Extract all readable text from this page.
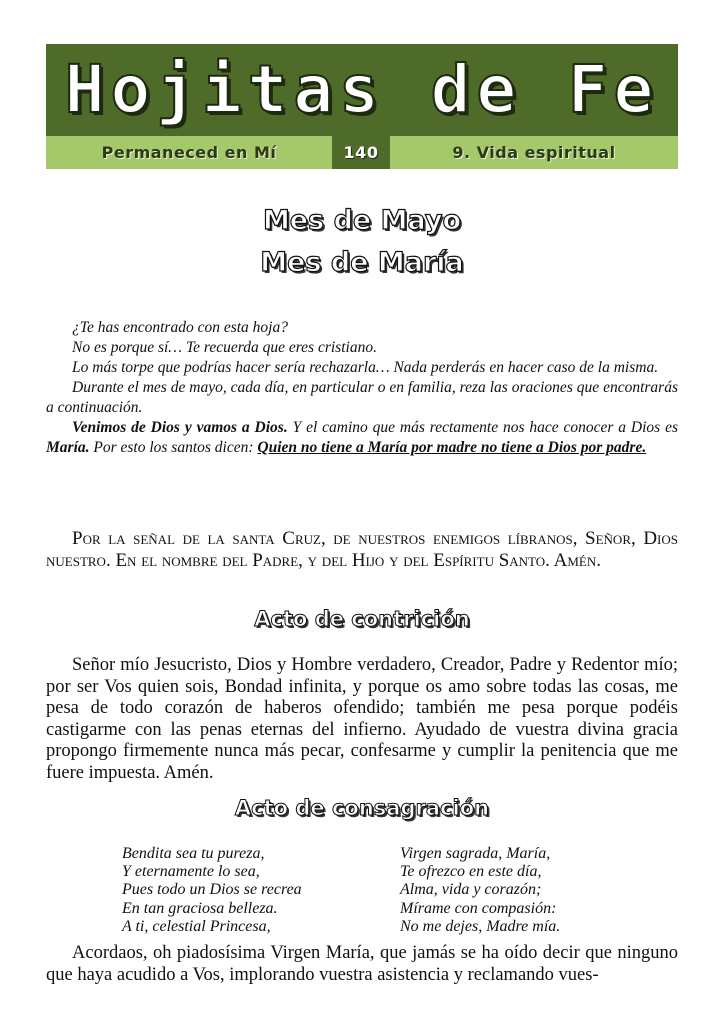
Hojitas de Fe
Permaneced en Mí	140	9. Vida espiritual
Mes de Mayo
Mes de María

¿Te has encontrado con esta hoja?

No es porque sí… Te recuerda que eres cristiano.

Lo más torpe que podrías hacer sería rechazarla… Nada perderás en hacer caso de la misma.

Durante el mes de mayo, cada día, en particular o en familia, reza las oraciones que encontrarás a continuación.

Venimos de Dios y vamos a Dios. Y el camino que más rectamente nos hace conocer a Dios es María. Por esto los santos dicen: Quien no tiene a María por madre no tiene a Dios por padre.

Por la señal de la santa Cruz, de nuestros enemigos líbranos, Señor, Dios nuestro. En el nombre del Padre, y del Hijo y del Espíritu Santo. Amén.

Acto de contrición

Señor mío Jesucristo, Dios y Hombre verdadero, Creador, Padre y Redentor mío; por ser Vos quien sois, Bondad infinita, y porque os amo sobre todas las cosas, me pesa de todo corazón de haberos ofendido; también me pesa porque podéis castigarme con las penas eternas del infierno. Ayudado de vuestra divina gracia propongo firmemente nunca más pecar, confesarme y cumplir la penitencia que me fuere impuesta. Amén.

Acto de consagración
Bendita sea tu pureza,
Y eternamente lo sea,
Pues todo un Dios se recrea
En tan graciosa belleza.
A ti, celestial Princesa,
Virgen sagrada, María,
Te ofrezco en este día,
Alma, vida y corazón;
Mírame con compasión:
No me dejes, Madre mía.

Acordaos, oh piadosísima Virgen María, que jamás se ha oído decir que ninguno que haya acudido a Vos, implorando vuestra asistencia y reclamando vues-
